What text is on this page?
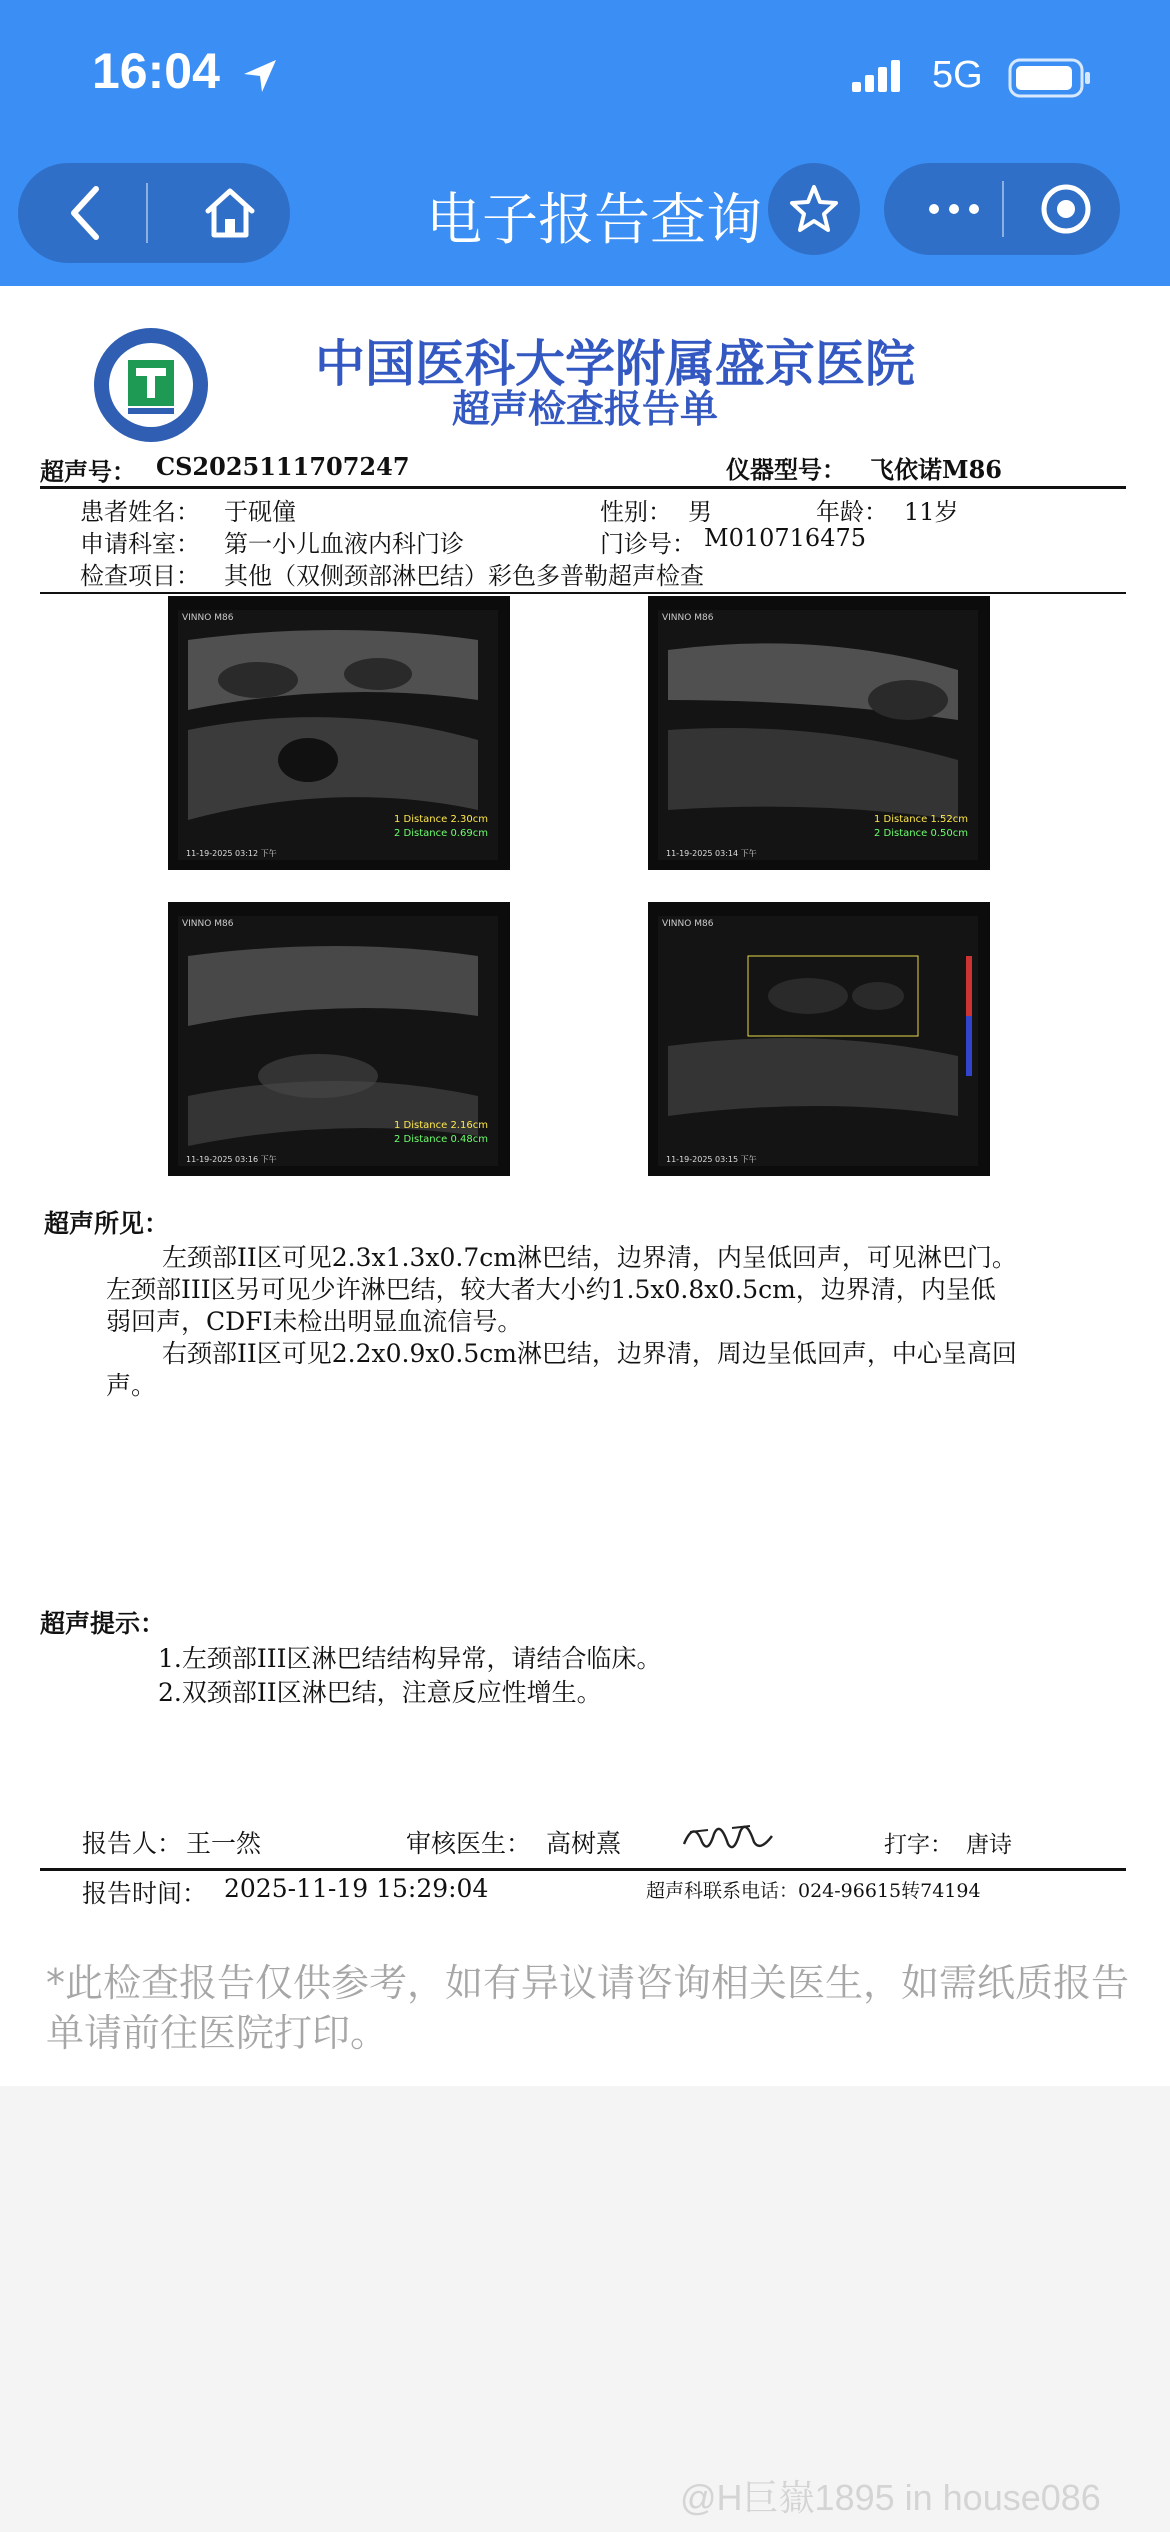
16:04	5G
电子报告查询
中国医科大学附属盛京医院
超声检查报告单
超声号： CS2025111707247	仪器型号： 飞依诺M86
患者姓名： 于砚僮	性别： 男	年龄： 11岁
申请科室： 第一小儿血液内科门诊	门诊号： M010716475
检查项目： 其他（双侧颈部淋巴结）彩色多普勒超声检查
VINNO M86
1 Distance 2.30cm
2 Distance 0.69cm
11-19-2025 03:12 下午
VINNO M86
1 Distance 1.52cm
2 Distance 0.50cm
11-19-2025 03:14 下午
VINNO M86
1 Distance 2.16cm
2 Distance 0.48cm
11-19-2025 03:16 下午
VINNO M86
11-19-2025 03:15 下午
超声所见：
左颈部II区可见2.3x1.3x0.7cm淋巴结，边界清，内呈低回声，可见淋巴门。
左颈部III区另可见少许淋巴结，较大者大小约1.5x0.8x0.5cm，边界清，内呈低
弱回声，CDFI未检出明显血流信号。
右颈部II区可见2.2x0.9x0.5cm淋巴结，边界清，周边呈低回声，中心呈高回
声。
超声提示：
1.左颈部III区淋巴结结构异常，请结合临床。
2.双颈部II区淋巴结，注意反应性增生。
报告人： 王一然	审核医生： 高树熹	打字： 唐诗
报告时间： 2025-11-19 15:29:04	超声科联系电话：024-96615转74194
*此检查报告仅供参考，如有异议请咨询相关医生，如需纸质报告单请前往医院打印。
@H巨嶽1895 in house086
